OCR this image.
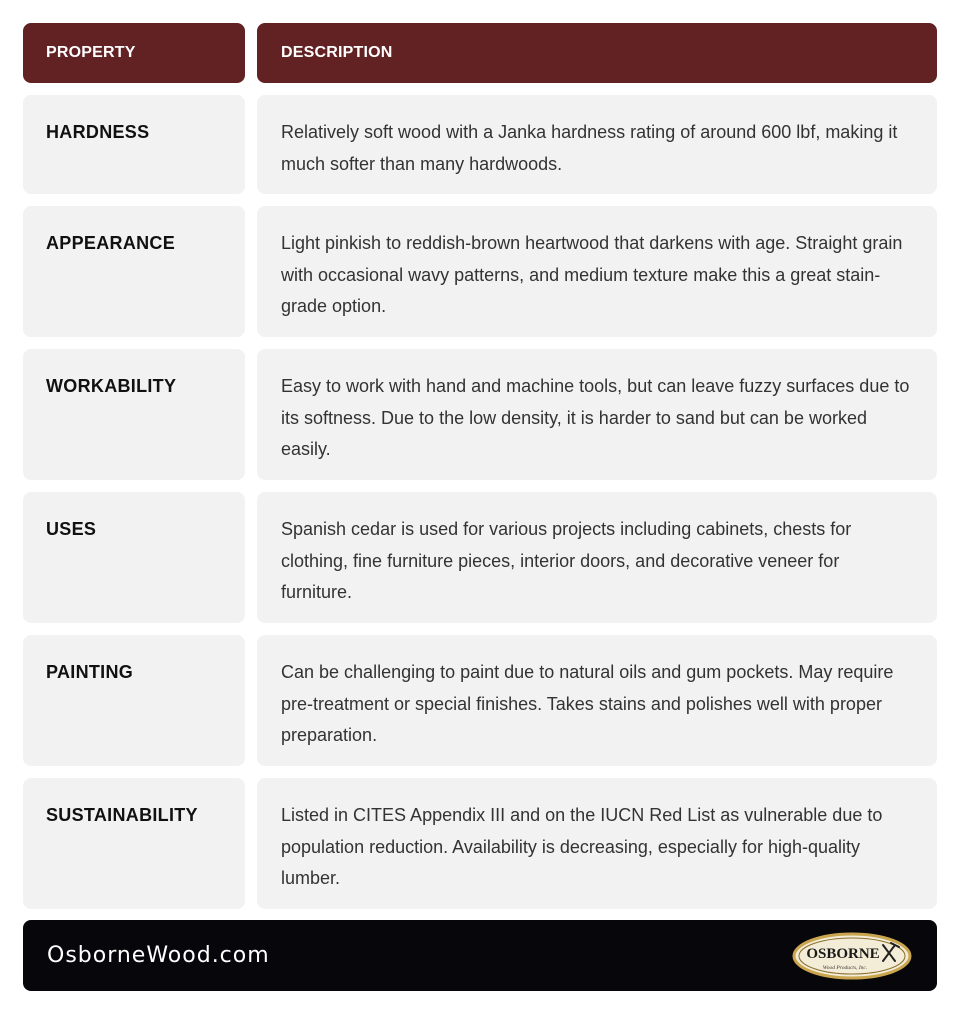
PROPERTY	DESCRIPTION
HARDNESS	Relatively soft wood with a Janka hardness rating of around 600 lbf, making it much softer than many hardwoods.
APPEARANCE	Light pinkish to reddish-brown heartwood that darkens with age. Straight grain with occasional wavy patterns, and medium texture make this a great stain-grade option.
WORKABILITY	Easy to work with hand and machine tools, but can leave fuzzy surfaces due to its softness. Due to the low density, it is harder to sand but can be worked easily.
USES	Spanish cedar is used for various projects including cabinets, chests for clothing, fine furniture pieces, interior doors, and decorative veneer for furniture.
PAINTING	Can be challenging to paint due to natural oils and gum pockets. May require pre-treatment or special finishes. Takes stains and polishes well with proper preparation.
SUSTAINABILITY	Listed in CITES Appendix III and on the IUCN Red List as vulnerable due to population reduction. Availability is decreasing, especially for high-quality lumber.
OsborneWood.com	OSBORNE
Wood Products, Inc.
